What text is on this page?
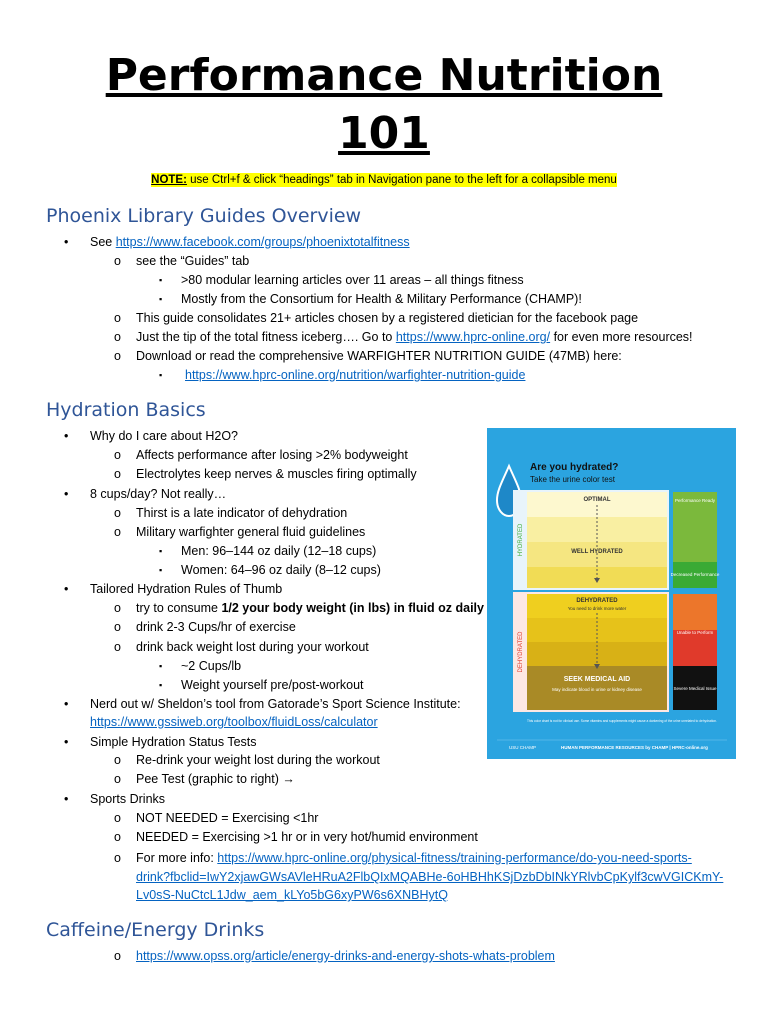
Performance Nutrition
101
NOTE: use Ctrl+f & click “headings” tab in Navigation pane to the left for a collapsible menu
Phoenix Library Guides Overview
• See https://www.facebook.com/groups/phoenixtotalfitness
o see the “Guides” tab
▪ >80 modular learning articles over 11 areas – all things fitness
▪ Mostly from the Consortium for Health & Military Performance (CHAMP)!
o This guide consolidates 21+ articles chosen by a registered dietician for the facebook page
o Just the tip of the total fitness iceberg…. Go to https://www.hprc-online.org/ for even more resources!
o Download or read the comprehensive WARFIGHTER NUTRITION GUIDE (47MB) here:
▪ https://www.hprc-online.org/nutrition/warfighter-nutrition-guide
Hydration Basics
• Why do I care about H2O?
o Affects performance after losing >2% bodyweight
o Electrolytes keep nerves & muscles firing optimally
• 8 cups/day? Not really…
o Thirst is a late indicator of dehydration
o Military warfighter general fluid guidelines
▪ Men: 96–144 oz daily (12–18 cups)
▪ Women: 64–96 oz daily (8–12 cups)
• Tailored Hydration Rules of Thumb
o try to consume 1/2 your body weight (in lbs) in fluid oz daily
o drink 2-3 Cups/hr of exercise
o drink back weight lost during your workout
▪ ~2 Cups/lb
▪ Weight yourself pre/post-workout
• Nerd out w/ Sheldon’s tool from Gatorade’s Sport Science Institute:
https://www.gssiweb.org/toolbox/fluidLoss/calculator
• Simple Hydration Status Tests
o Re-drink your weight lost during the workout
o Pee Test (graphic to right) →
• Sports Drinks
o NOT NEEDED = Exercising <1hr
o NEEDED = Exercising >1 hr or in very hot/humid environment
o For more info: https://www.hprc-online.org/physical-fitness/training-performance/do-you-need-sports-
drink?fbclid=IwY2xjawGWsAVleHRuA2FlbQIxMQABHe-6oHBHhKSjDzbDbINkYRlvbCpKylf3cwVGICKmY-
Lv0sS-NuCtcL1Jdw_aem_kLYo5bG6xyPW6s6XNBHytQ
Caffeine/Energy Drinks
o https://www.opss.org/article/energy-drinks-and-energy-shots-whats-problem
Are you hydrated?
Take the urine color test
HYDRATED
OPTIMAL
WELL HYDRATED
Performance Ready
Decreased Performance
DEHYDRATED
DEHYDRATED
You need to drink more water
SEEK MEDICAL AID
May indicate blood in urine or kidney disease
Unable to Perform
Severe Medical Issue
This color chart is not for clinical use. Some vitamins and supplements might cause a darkening of the urine unrelated to dehydration.
USU CHAMP	HUMAN PERFORMANCE RESOURCES by CHAMP | HPRC-online.org
